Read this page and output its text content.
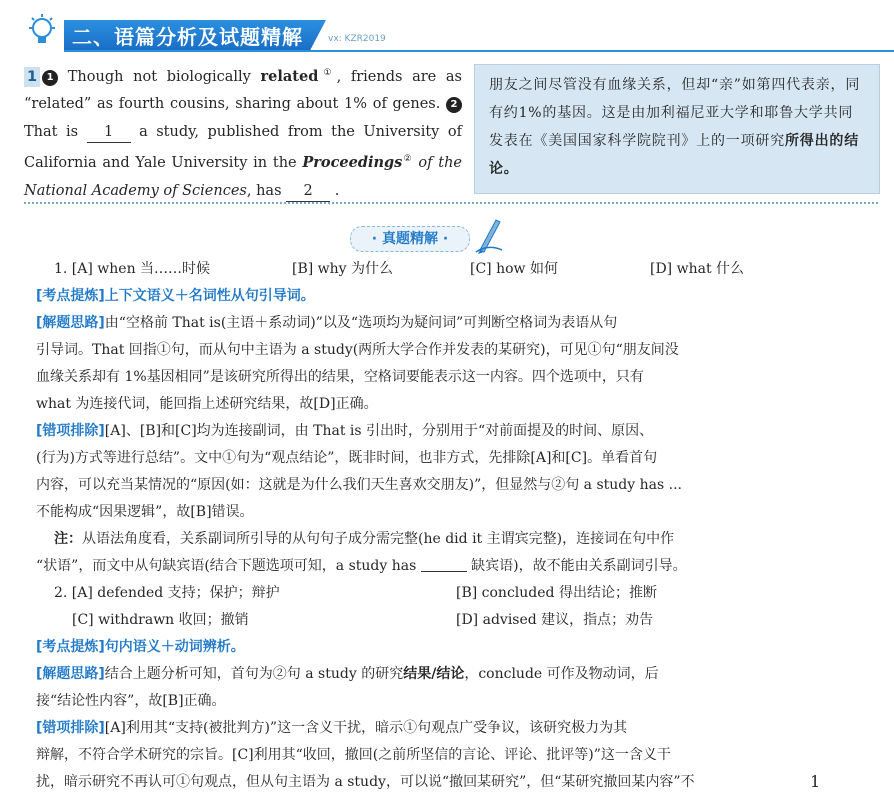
二、语篇分析及试题精解	vx: KZR2019
1 1 Though not biologically related①, friends are as “related” as fourth cousins, sharing about 1% of genes. 2 That is 1 a study, published from the University of California and Yale University in the Proceedings② of the National Academy of Sciences, has 2 .
朋友之间尽管没有血缘关系，但却“亲”如第四代表亲，同有约1%的基因。这是由加利福尼亚大学和耶鲁大学共同发表在《美国国家科学院院刊》上的一项研究所得出的结论。
· 真题精解 ·
1. [A] when 当……时候	[B] why 为什么	[C] how 如何	[D] what 什么
[考点提炼]上下文语义＋名词性从句引导词。
[解题思路]由“空格前 That is(主语＋系动词)”以及“选项均为疑问词”可判断空格词为表语从句
引导词。That 回指①句，而从句中主语为 a study(两所大学合作并发表的某研究)，可见①句“朋友间没
血缘关系却有 1%基因相同”是该研究所得出的结果，空格词要能表示这一内容。四个选项中，只有
what 为连接代词，能回指上述研究结果，故[D]正确。
[错项排除][A]、[B]和[C]均为连接副词，由 That is 引出时，分别用于“对前面提及的时间、原因、
(行为)方式等进行总结”。文中①句为“观点结论”，既非时间，也非方式，先排除[A]和[C]。单看首句
内容，可以充当某情况的“原因(如：这就是为什么我们天生喜欢交朋友)”，但显然与②句 a study has ...
不能构成“因果逻辑”，故[B]错误。
注：从语法角度看，关系副词所引导的从句句子成分需完整(he did it 主谓宾完整)，连接词在句中作
“状语”，而文中从句缺宾语(结合下题选项可知，a study has	缺宾语)，故不能由关系副词引导。
2. [A] defended 支持；保护；辩护	[B] concluded 得出结论；推断
[C] withdrawn 收回；撤销	[D] advised 建议，指点；劝告
[考点提炼]句内语义＋动词辨析。
[解题思路]结合上题分析可知，首句为②句 a study 的研究结果/结论，conclude 可作及物动词，后
接“结论性内容”，故[B]正确。
[错项排除][A]利用其“支持(被批判方)”这一含义干扰，暗示①句观点广受争议，该研究极力为其
辩解，不符合学术研究的宗旨。[C]利用其“收回，撤回(之前所坚信的言论、评论、批评等)”这一含义干
扰，暗示研究不再认可①句观点，但从句主语为 a study，可以说“撤回某研究”，但“某研究撤回某内容”不	1
